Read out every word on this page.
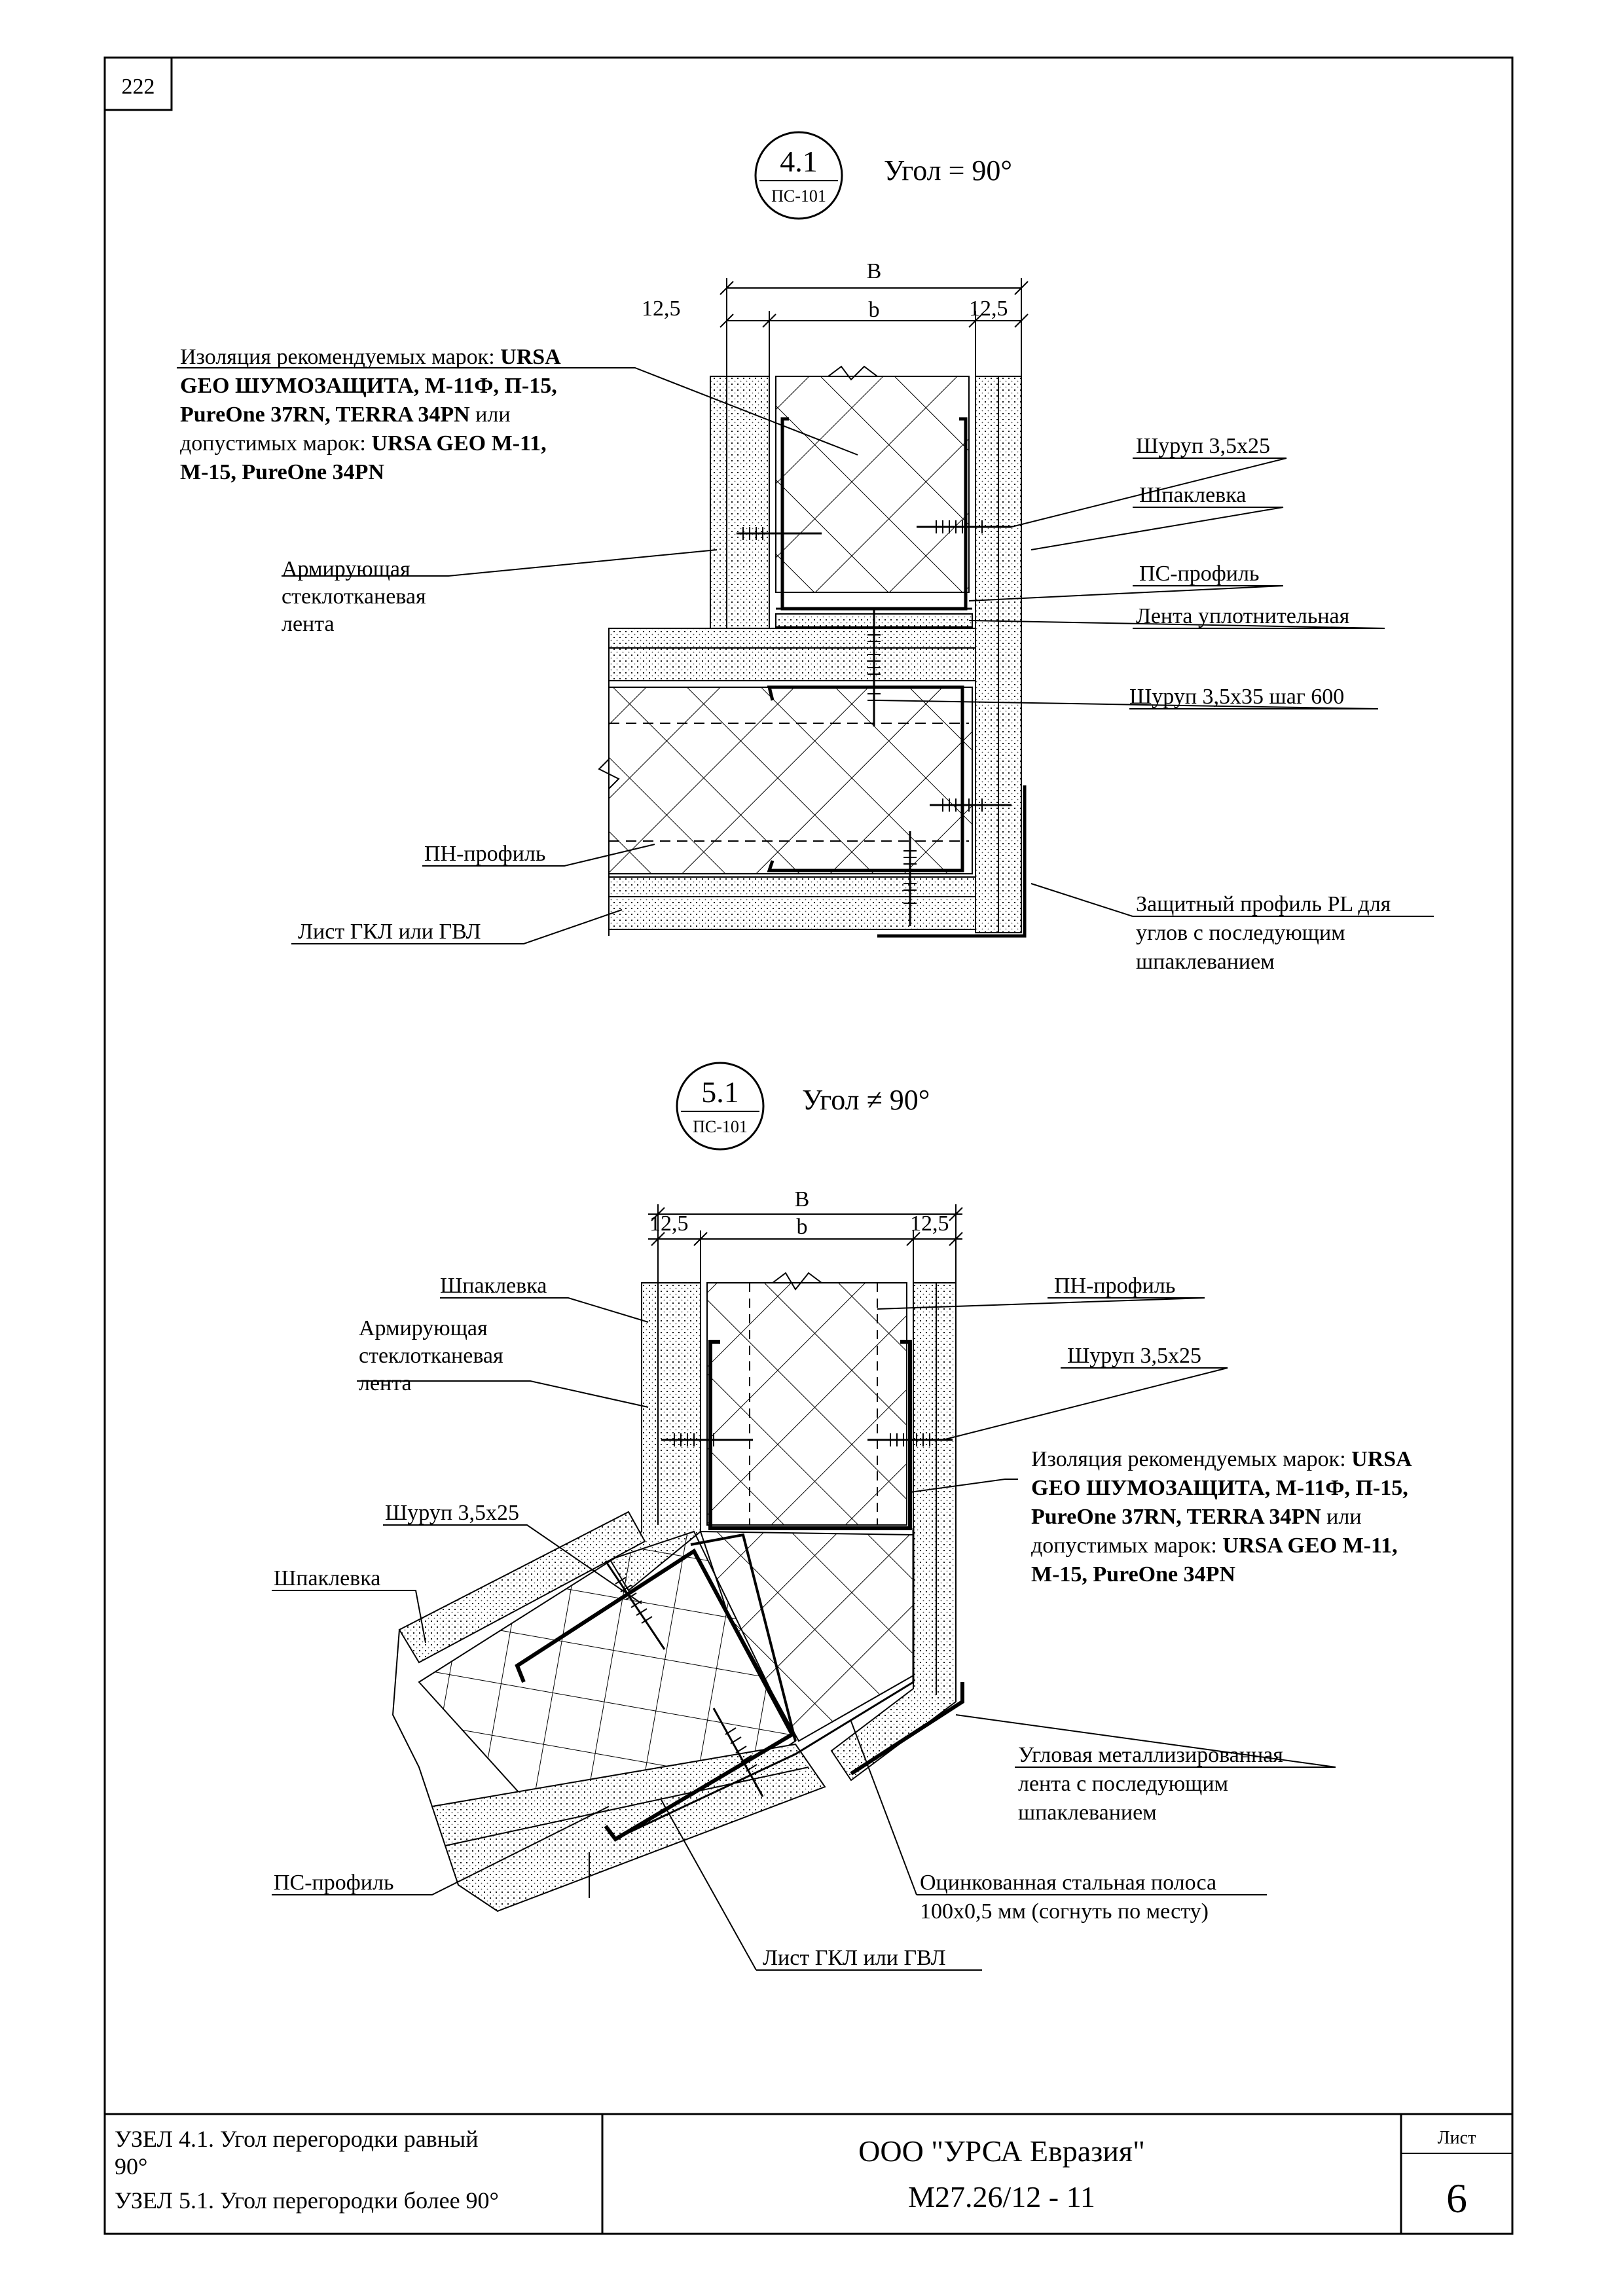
222
УЗЕЛ 4.1. Угол перегородки равный
90°
УЗЕЛ 5.1. Угол перегородки более 90°
ООО "УРСА Евразия"
М27.26/12 - 11
Лист
6
4.1
ПС-101
Угол = 90°
В
b
12,5	12,5
Изоляция рекомендуемых марок: URSA GEO ШУМОЗАЩИТА, М-11Ф, П-15, PureOne 37RN, TERRA 34PN или допустимых марок: URSA GEO М-11, М-15, PureOne 34PN
Армирующая стеклотканевая лента
Шуруп 3,5х25
Шпаклевка
ПС-профиль
Лента уплотнительная
Шуруп 3,5х35 шаг 600
ПН-профиль
Лист ГКЛ или ГВЛ
Защитный профиль PL для углов с последующим шпаклеванием
5.1
ПС-101
Угол ≠ 90°
В
b
12,5	12,5
Шпаклевка
Армирующая стеклотканевая лента
ПН-профиль
Шуруп 3,5х25
Изоляция рекомендуемых марок: URSA GEO ШУМОЗАЩИТА, М-11Ф, П-15, PureOne 37RN, TERRA 34PN или допустимых марок: URSA GEO М-11, М-15, PureOne 34PN
Шуруп 3,5х25
Шпаклевка
Угловая металлизированная лента с последующим шпаклеванием
ПС-профиль	Оцинкованная стальная полоса 100х0,5 мм (согнуть по месту)
Лист ГКЛ или ГВЛ
